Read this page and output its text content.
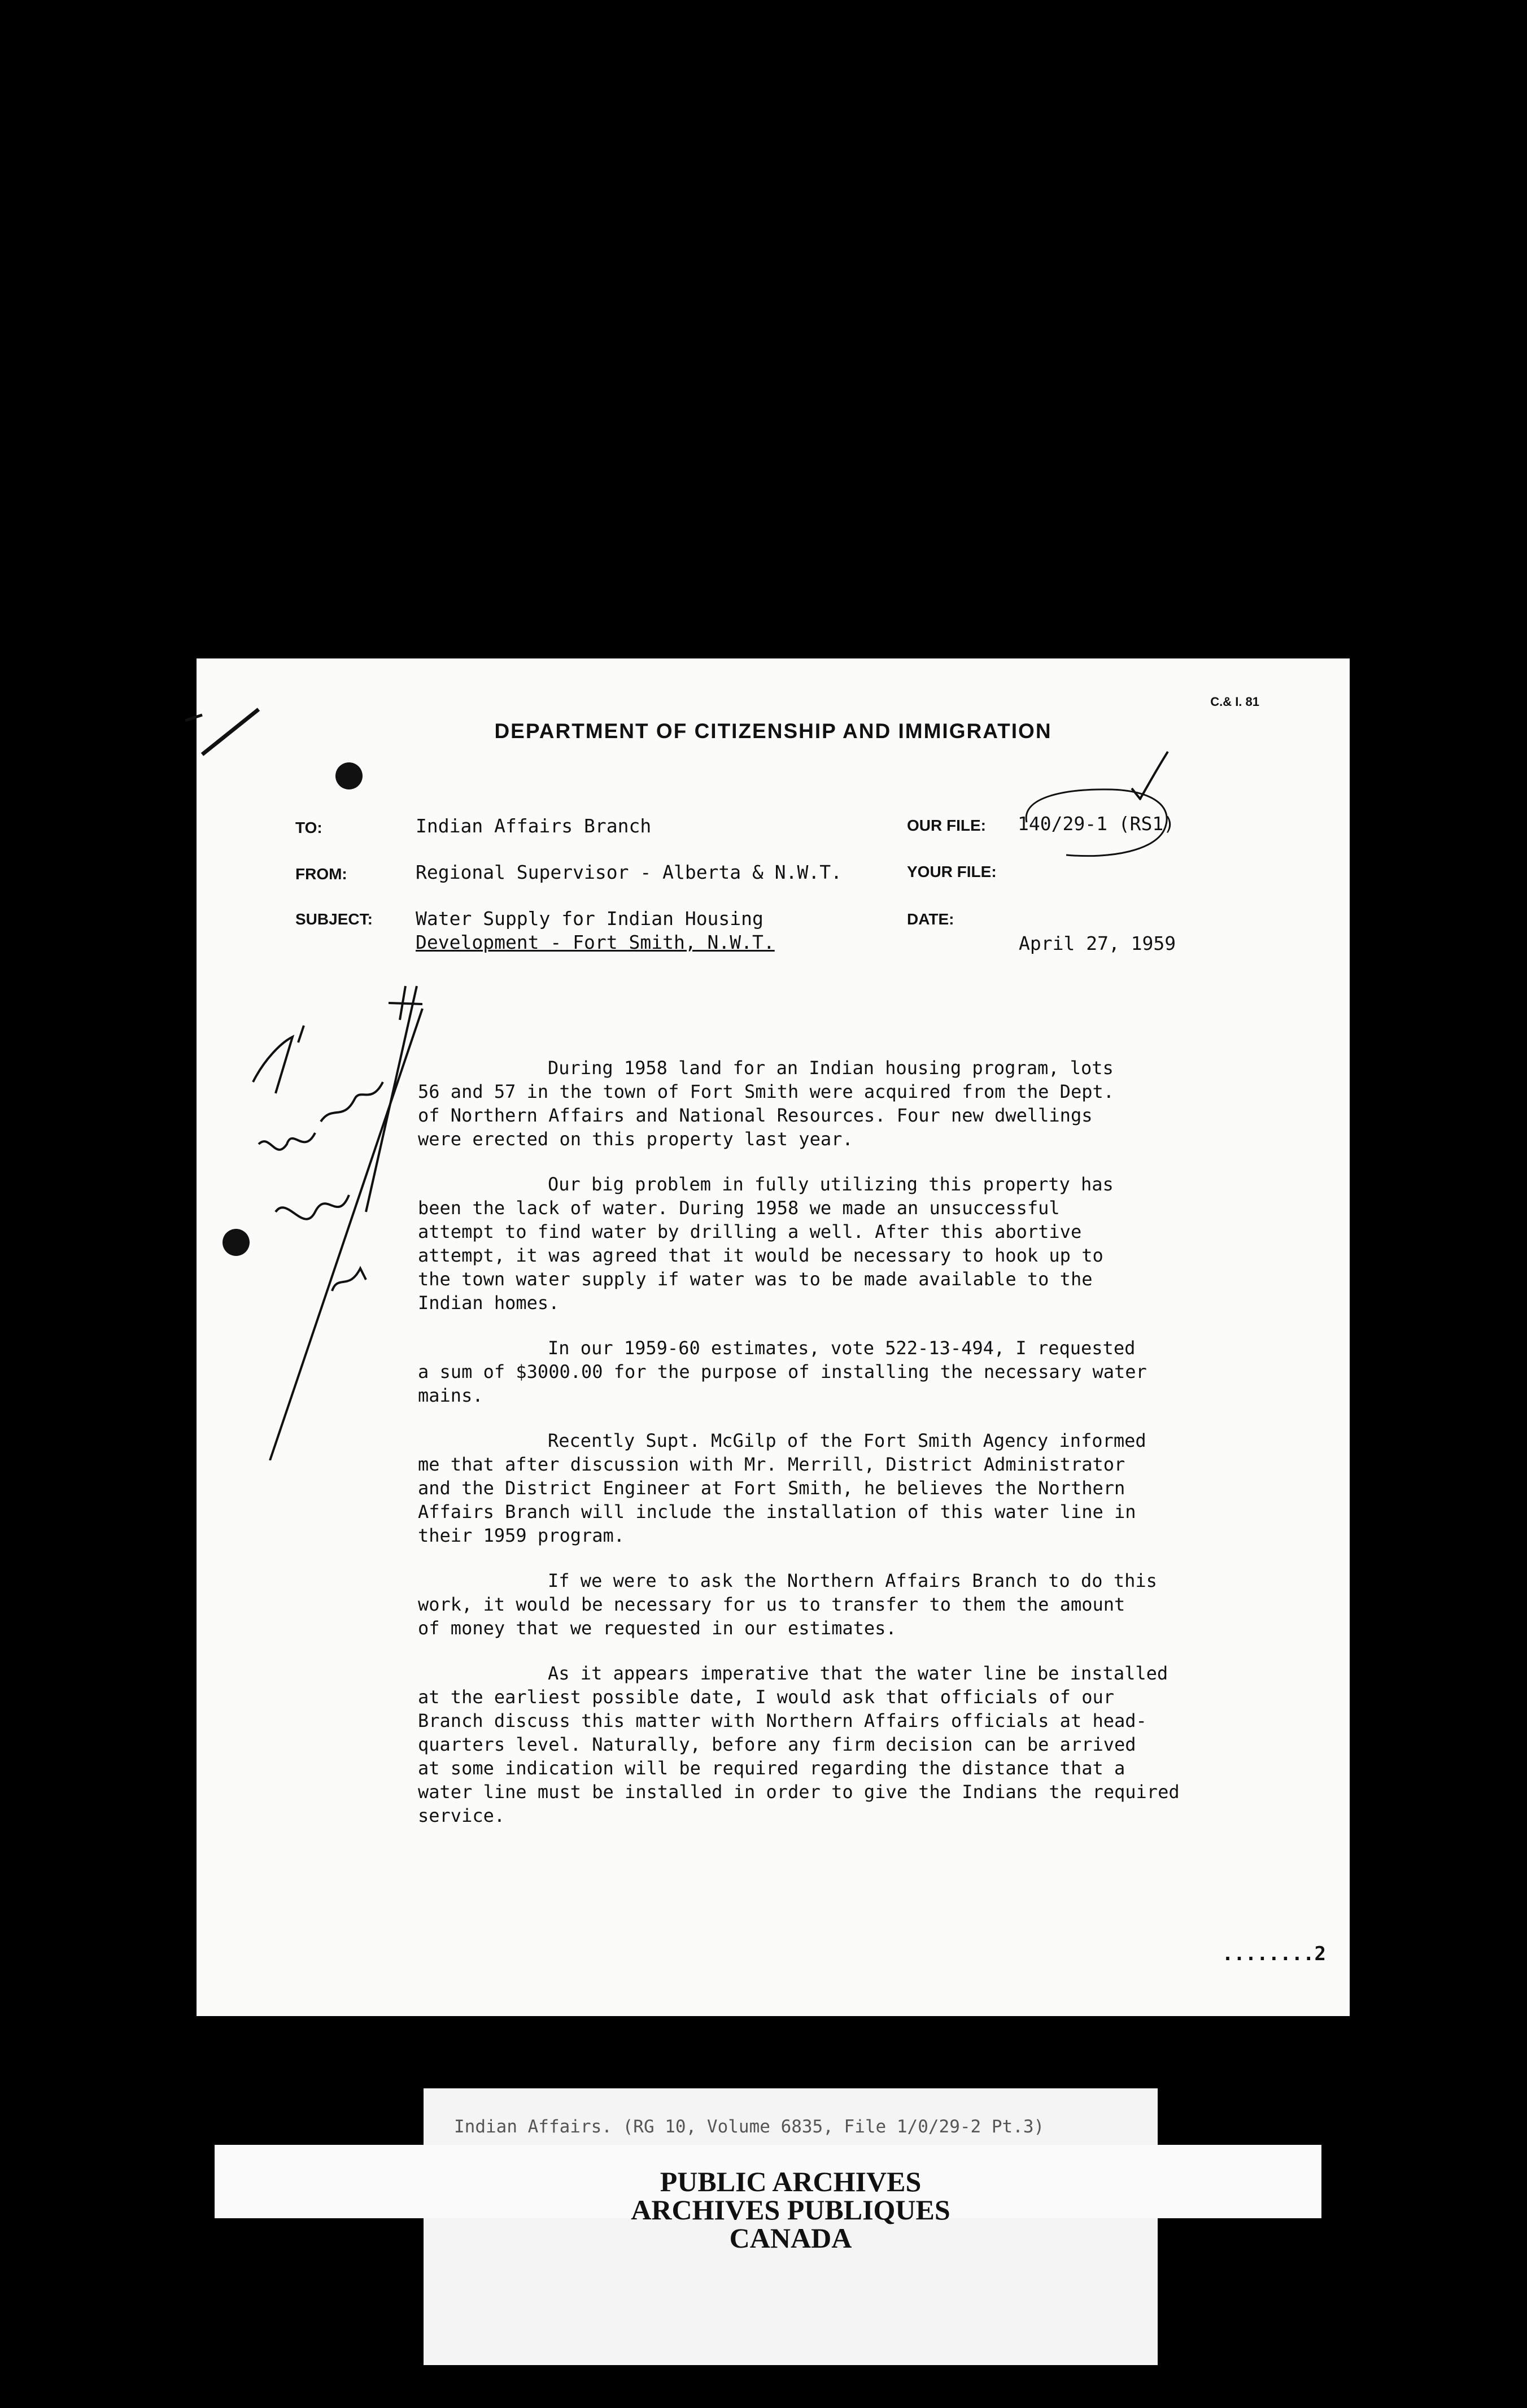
C.& I. 81
DEPARTMENT OF CITIZENSHIP AND IMMIGRATION
TO:	Indian Affairs Branch
FROM:	Regional Supervisor - Alberta & N.W.T.
SUBJECT: Water Supply for Indian Housing
Development - Fort Smith, N.W.T.
OUR FILE: 140/29-1 (RS1)
YOUR FILE:
DATE:
April 27, 1959
During 1958 land for an Indian housing program, lots
56 and 57 in the town of Fort Smith were acquired from the Dept.
of Northern Affairs and National Resources. Four new dwellings
were erected on this property last year.
Our big problem in fully utilizing this property has
been the lack of water. During 1958 we made an unsuccessful
attempt to find water by drilling a well. After this abortive
attempt, it was agreed that it would be necessary to hook up to
the town water supply if water was to be made available to the
Indian homes.
In our 1959-60 estimates, vote 522-13-494, I requested
a sum of $3000.00 for the purpose of installing the necessary water
mains.
Recently Supt. McGilp of the Fort Smith Agency informed
me that after discussion with Mr. Merrill, District Administrator
and the District Engineer at Fort Smith, he believes the Northern
Affairs Branch will include the installation of this water line in
their 1959 program.
If we were to ask the Northern Affairs Branch to do this
work, it would be necessary for us to transfer to them the amount
of money that we requested in our estimates.
As it appears imperative that the water line be installed
at the earliest possible date, I would ask that officials of our
Branch discuss this matter with Northern Affairs officials at head-
quarters level. Naturally, before any firm decision can be arrived
at some indication will be required regarding the distance that a
water line must be installed in order to give the Indians the required
service.
........2
Indian Affairs. (RG 10, Volume 6835, File 1/0/29-2 Pt.3)
PUBLIC ARCHIVES
ARCHIVES PUBLIQUES
CANADA
